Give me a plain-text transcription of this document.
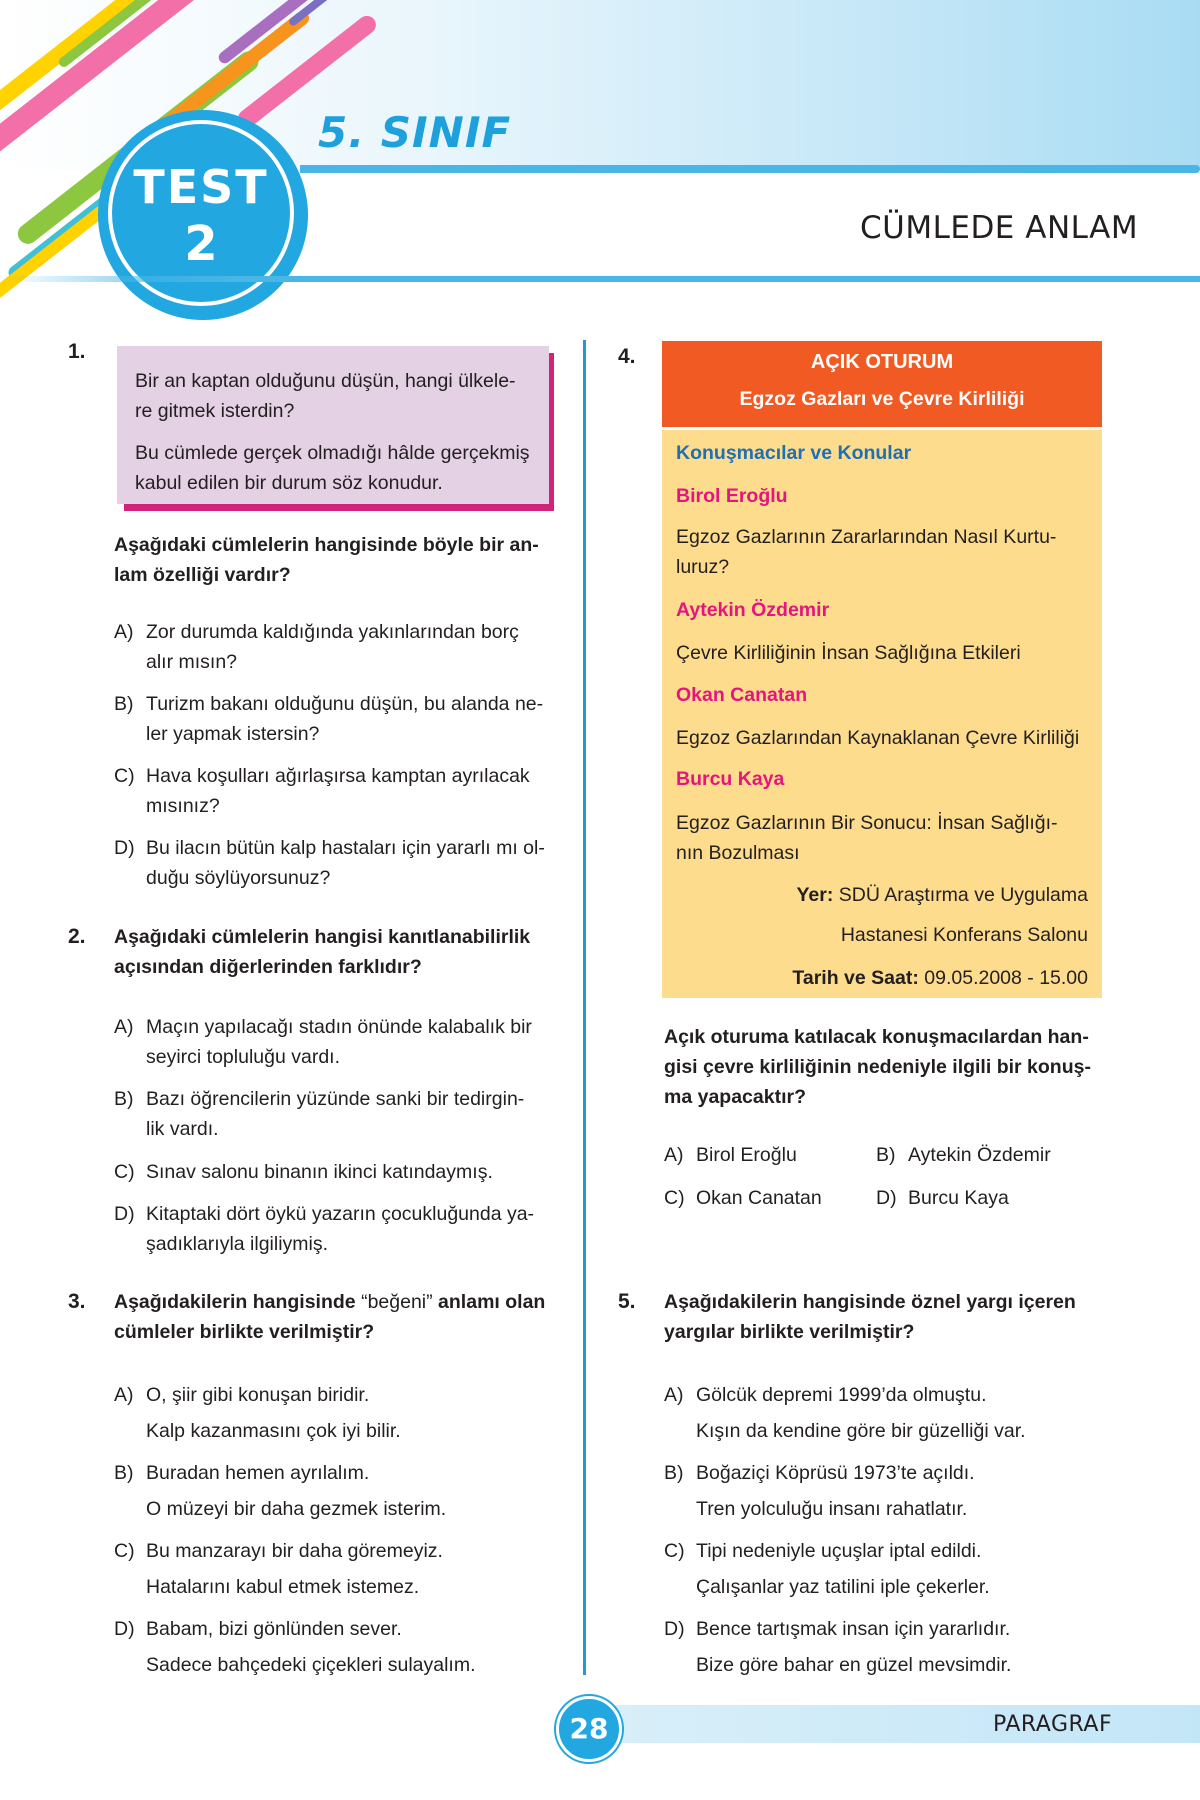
TEST
2
5. SINIF
CÜMLEDE ANLAM
1.

Bir an kaptan olduğunu düşün, hangi ülkele-

re gitmek isterdin?

Bu cümlede gerçek olmadığı hâlde gerçekmiş

kabul edilen bir durum söz konudur.

Aşağıdaki cümlelerin hangisinde böyle bir an-
lam özelliği vardır?
A) Zor durumda kaldığında yakınlarından borç
alır mısın?
B) Turizm bakanı olduğunu düşün, bu alanda ne-
ler yapmak istersin?
C) Hava koşulları ağırlaşırsa kamptan ayrılacak
mısınız?
D) Bu ilacın bütün kalp hastaları için yararlı mı ol-
duğu söylüyorsunuz?
2. Aşağıdaki cümlelerin hangisi kanıtlanabilirlik
açısından diğerlerinden farklıdır?
A) Maçın yapılacağı stadın önünde kalabalık bir
seyirci topluluğu vardı.
B) Bazı öğrencilerin yüzünde sanki bir tedirgin-
lik vardı.
C) Sınav salonu binanın ikinci katındaymış.
D) Kitaptaki dört öykü yazarın çocukluğunda ya-
şadıklarıyla ilgiliymiş.
3. Aşağıdakilerin hangisinde “beğeni” anlamı olan
cümleler birlikte verilmiştir?
A) O, şiir gibi konuşan biridir.
Kalp kazanmasını çok iyi bilir.
B) Buradan hemen ayrılalım.
O müzeyi bir daha gezmek isterim.
C) Bu manzarayı bir daha göremeyiz.
Hatalarını kabul etmek istemez.
D) Babam, bizi gönlünden sever.
Sadece bahçedeki çiçekleri sulayalım.
4.	AÇIK OTURUM
Egzoz Gazları ve Çevre Kirliliği
Konuşmacılar ve Konular
Birol Eroğlu
Egzoz Gazlarının Zararlarından Nasıl Kurtu-
luruz?
Aytekin Özdemir
Çevre Kirliliğinin İnsan Sağlığına Etkileri
Okan Canatan
Egzoz Gazlarından Kaynaklanan Çevre Kirliliği
Burcu Kaya
Egzoz Gazlarının Bir Sonucu: İnsan Sağlığı-
nın Bozulması
Yer: SDÜ Araştırma ve Uygulama
Hastanesi Konferans Salonu
Tarih ve Saat: 09.05.2008 - 15.00
Açık oturuma katılacak konuşmacılardan han-
gisi çevre kirliliğinin nedeniyle ilgili bir konuş-
ma yapacaktır?
A) Birol Eroğlu	B) Aytekin Özdemir
C) Okan Canatan	D) Burcu Kaya
5. Aşağıdakilerin hangisinde öznel yargı içeren
yargılar birlikte verilmiştir?
A) Gölcük depremi 1999’da olmuştu.
Kışın da kendine göre bir güzelliği var.
B) Boğaziçi Köprüsü 1973’te açıldı.
Tren yolculuğu insanı rahatlatır.
C) Tipi nedeniyle uçuşlar iptal edildi.
Çalışanlar yaz tatilini iple çekerler.
D) Bence tartışmak insan için yararlıdır.
Bize göre bahar en güzel mevsimdir.
28	PARAGRAF
